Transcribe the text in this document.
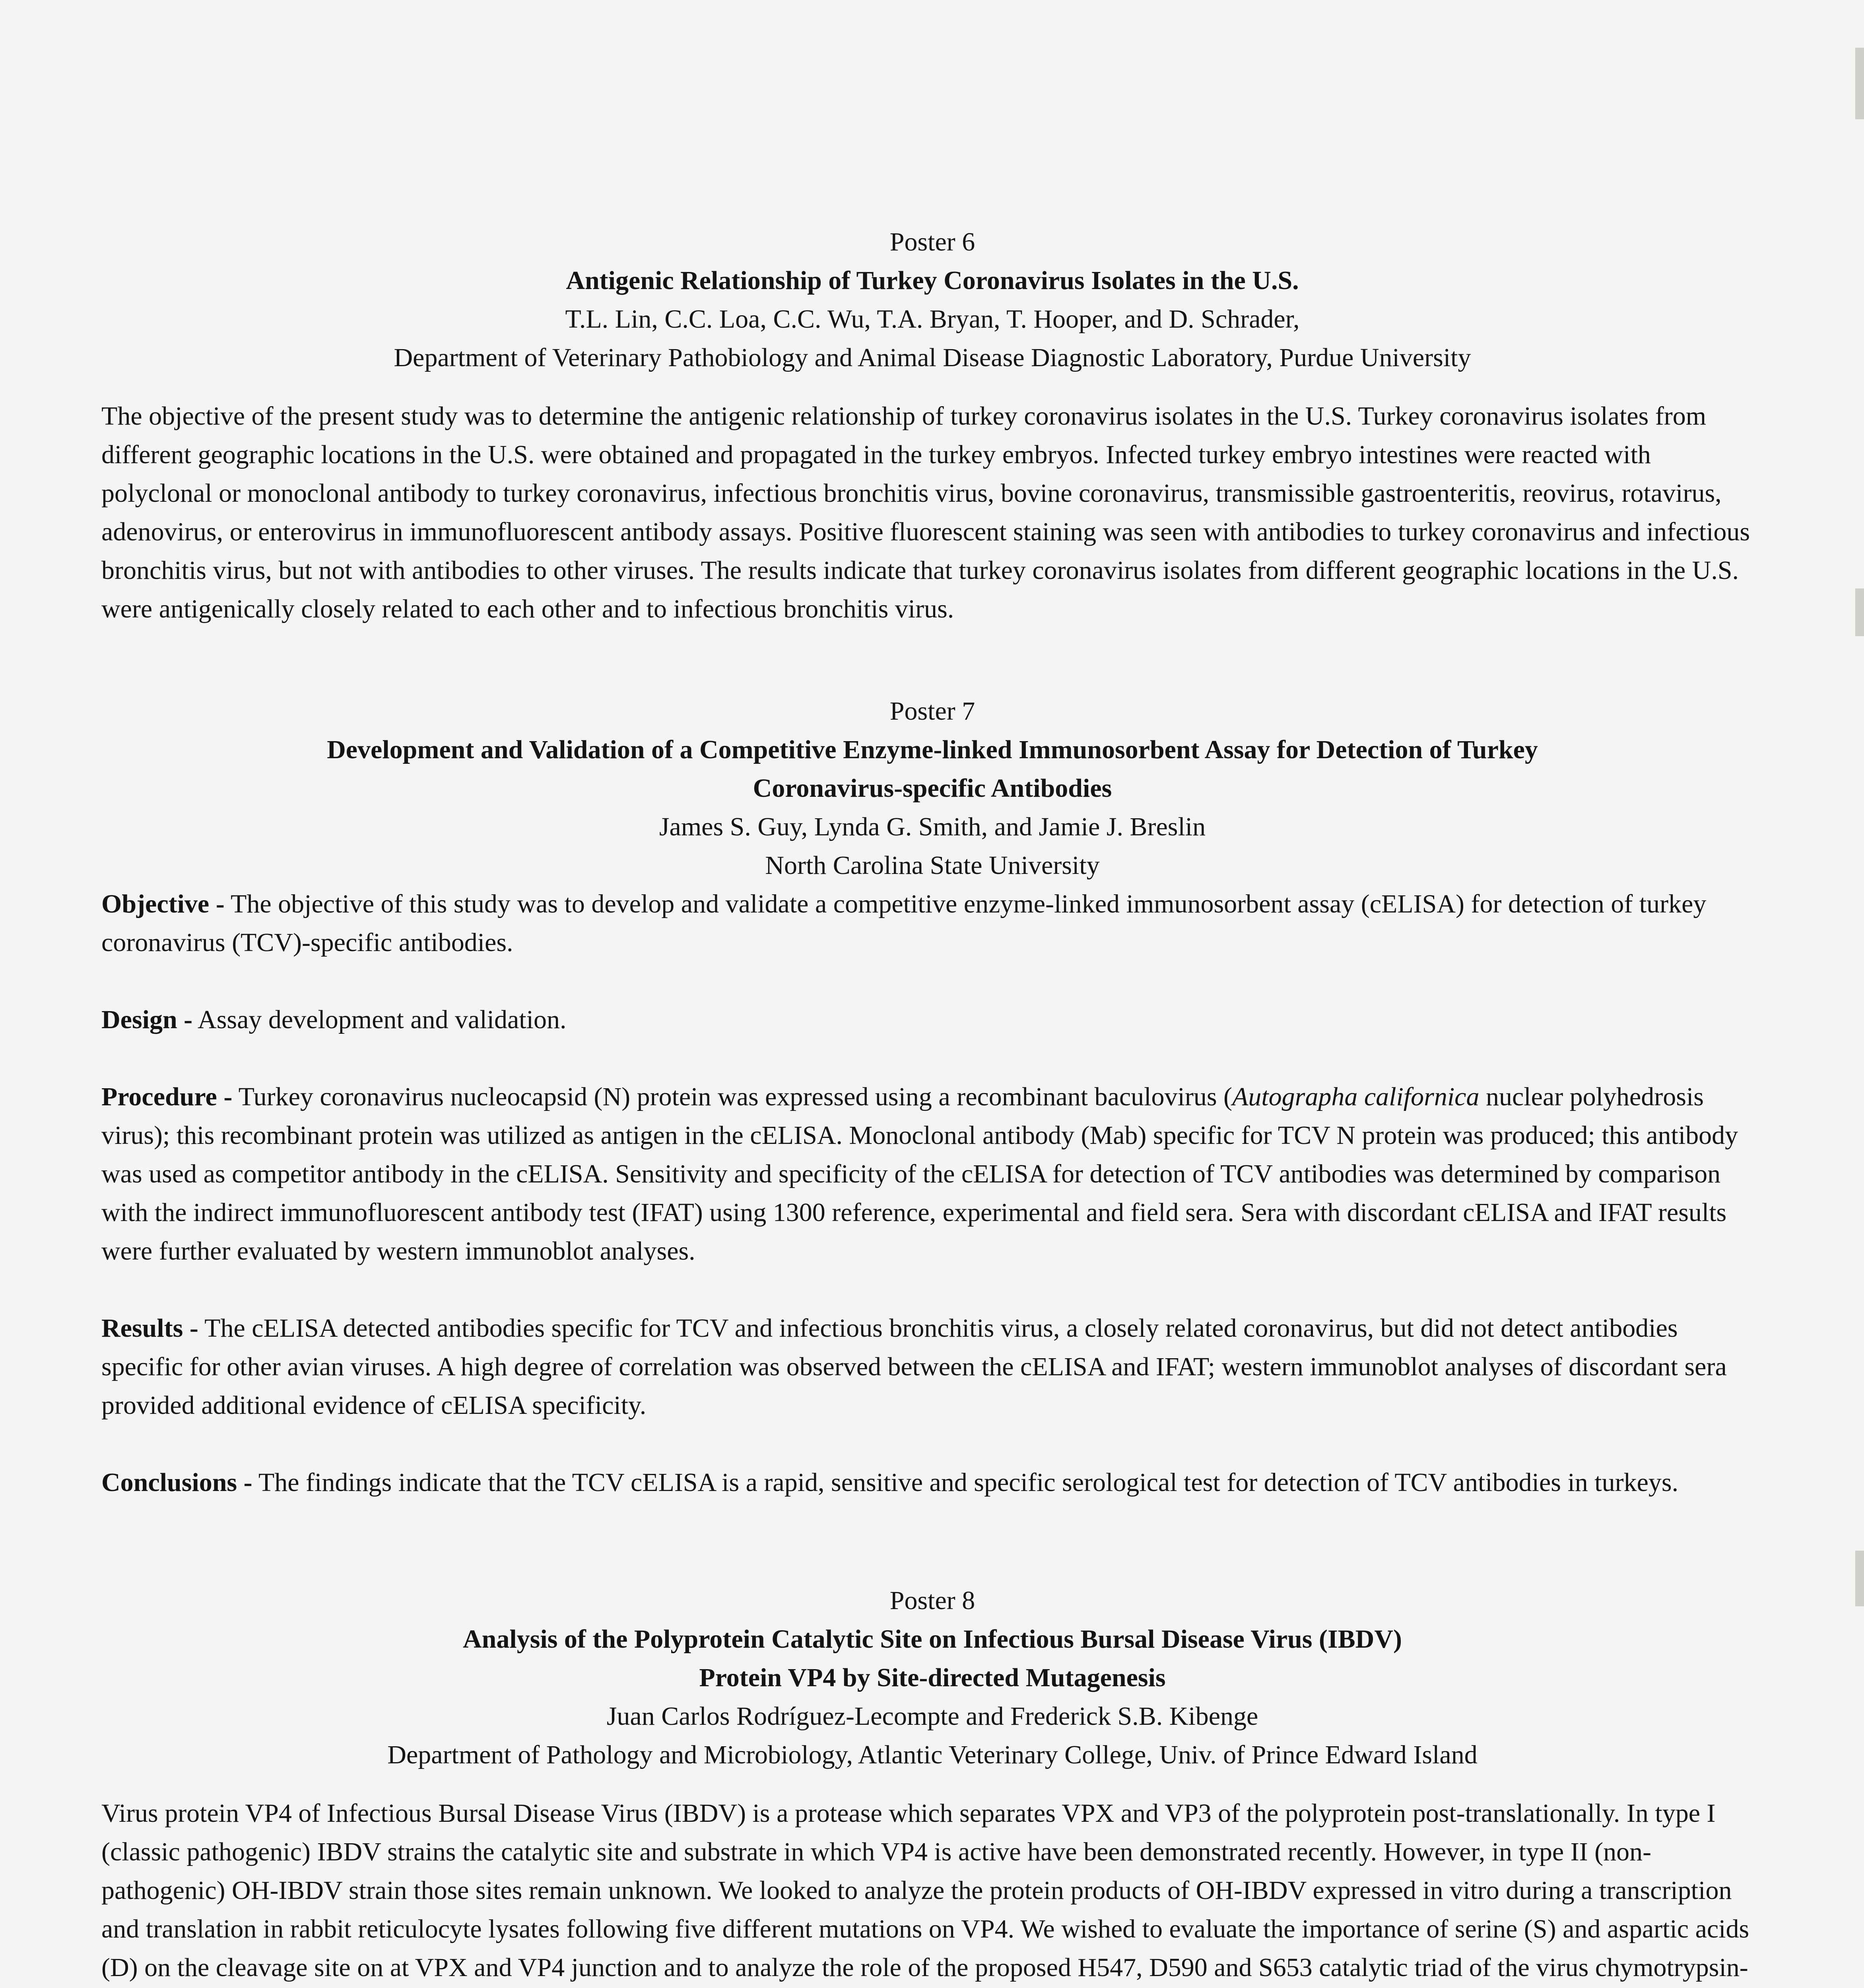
Poster 6
Antigenic Relationship of Turkey Coronavirus Isolates in the U.S.
T.L. Lin, C.C. Loa, C.C. Wu, T.A. Bryan, T. Hooper, and D. Schrader,
Department of Veterinary Pathobiology and Animal Disease Diagnostic Laboratory, Purdue University

The objective of the present study was to determine the antigenic relationship of turkey coronavirus isolates in the U.S. Turkey coronavirus isolates from different geographic locations in the U.S. were obtained and propagated in the turkey embryos. Infected turkey embryo intestines were reacted with polyclonal or monoclonal antibody to turkey coronavirus, infectious bronchitis virus, bovine coronavirus, transmissible gastroenteritis, reovirus, rotavirus, adenovirus, or enterovirus in immunofluorescent antibody assays. Positive fluorescent staining was seen with antibodies to turkey coronavirus and infectious bronchitis virus, but not with antibodies to other viruses. The results indicate that turkey coronavirus isolates from different geographic locations in the U.S. were antigenically closely related to each other and to infectious bronchitis virus.

Poster 7
Development and Validation of a Competitive Enzyme-linked Immunosorbent Assay for Detection of Turkey
Coronavirus-specific Antibodies
James S. Guy, Lynda G. Smith, and Jamie J. Breslin
North Carolina State University

Objective - The objective of this study was to develop and validate a competitive enzyme-linked immunosorbent assay (cELISA) for detection of turkey coronavirus (TCV)-specific antibodies.

Design - Assay development and validation.

Procedure - Turkey coronavirus nucleocapsid (N) protein was expressed using a recombinant baculovirus (Autographa californica nuclear polyhedrosis virus); this recombinant protein was utilized as antigen in the cELISA. Monoclonal antibody (Mab) specific for TCV N protein was produced; this antibody was used as competitor antibody in the cELISA. Sensitivity and specificity of the cELISA for detection of TCV antibodies was determined by comparison with the indirect immunofluorescent antibody test (IFAT) using 1300 reference, experimental and field sera. Sera with discordant cELISA and IFAT results were further evaluated by western immunoblot analyses.

Results - The cELISA detected antibodies specific for TCV and infectious bronchitis virus, a closely related coronavirus, but did not detect antibodies specific for other avian viruses. A high degree of correlation was observed between the cELISA and IFAT; western immunoblot analyses of discordant sera provided additional evidence of cELISA specificity.

Conclusions - The findings indicate that the TCV cELISA is a rapid, sensitive and specific serological test for detection of TCV antibodies in turkeys.

Poster 8
Analysis of the Polyprotein Catalytic Site on Infectious Bursal Disease Virus (IBDV)
Protein VP4 by Site-directed Mutagenesis
Juan Carlos Rodríguez-Lecompte and Frederick S.B. Kibenge
Department of Pathology and Microbiology, Atlantic Veterinary College, Univ. of Prince Edward Island

Virus protein VP4 of Infectious Bursal Disease Virus (IBDV) is a protease which separates VPX and VP3 of the polyprotein post-translationally. In type I (classic pathogenic) IBDV strains the catalytic site and substrate in which VP4 is active have been demonstrated recently. However, in type II (non-pathogenic) OH-IBDV strain those sites remain unknown. We looked to analyze the protein products of OH-IBDV expressed in vitro during a transcription and translation in rabbit reticulocyte lysates following five different mutations on VP4. We wished to evaluate the importance of serine (S) and aspartic acids (D) on the cleavage site on at VPX and VP4 junction and to analyze the role of the proposed H547, D590 and S653 catalytic triad of the virus chymotrypsin-
